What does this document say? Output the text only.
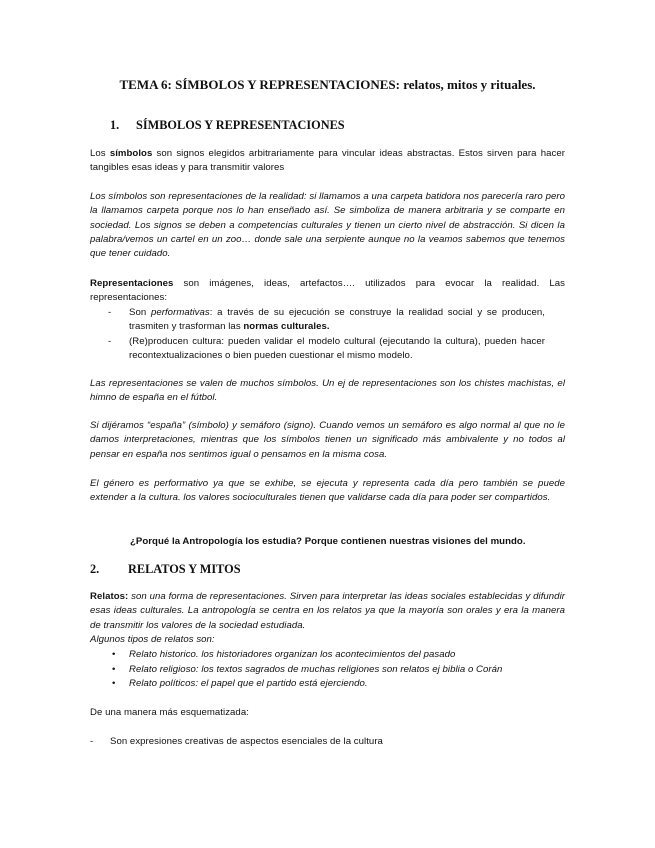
TEMA 6: SÍMBOLOS Y REPRESENTACIONES: relatos, mitos y rituales.
1. SÍMBOLOS Y REPRESENTACIONES

Los símbolos son signos elegidos arbitrariamente para vincular ideas abstractas. Estos sirven para hacer tangibles esas ideas y para transmitir valores

Los símbolos son representaciones de la realidad: si llamamos a una carpeta batidora nos parecería raro pero la llamamos carpeta porque nos lo han enseñado así. Se simboliza de manera arbitraria y se comparte en sociedad. Los signos se deben a competencias culturales y tienen un cierto nivel de abstracción. Si dicen la palabra/vemos un cartel en un zoo… donde sale una serpiente aunque no la veamos sabemos que tenemos que tener cuidado.

Representaciones son imágenes, ideas, artefactos…. utilizados para evocar la realidad. Las representaciones:

- Son performativas: a través de su ejecución se construye la realidad social y se producen, trasmiten y trasforman las normas culturales.
- (Re)producen cultura: pueden validar el modelo cultural (ejecutando la cultura), pueden hacer recontextualizaciones o bien pueden cuestionar el mismo modelo.

Las representaciones se valen de muchos símbolos. Un ej de representaciones son los chistes machistas, el himno de españa en el fútbol.

Si dijéramos “españa” (símbolo) y semáforo (signo). Cuando vemos un semáforo es algo normal al que no le damos interpretaciones, mientras que los símbolos tienen un significado más ambivalente y no todos al pensar en españa nos sentimos igual o pensamos en la misma cosa.

El género es performativo ya que se exhibe, se ejecuta y representa cada día pero también se puede extender a la cultura. los valores socioculturales tienen que validarse cada día para poder ser compartidos.

¿Porqué la Antropología los estudia? Porque contienen nuestras visiones del mundo.
2. RELATOS Y MITOS

Relatos: son una forma de representaciones. Sirven para interpretar las ideas sociales establecidas y difundir esas ideas culturales. La antropología se centra en los relatos ya que la mayoría son orales y era la manera de transmitir los valores de la sociedad estudiada.
Algunos tipos de relatos son:

• Relato historico. los historiadores organizan los acontecimientos del pasado
• Relato religioso: los textos sagrados de muchas religiones son relatos ej biblia o Corán
• Relato políticos: el papel que el partido está ejerciendo.

De una manera más esquematizada:

- Son expresiones creativas de aspectos esenciales de la cultura
